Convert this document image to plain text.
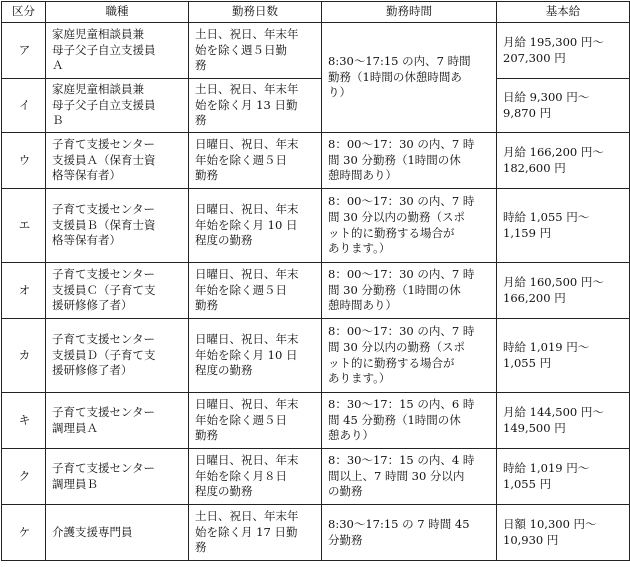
区分	職種	勤務日数	勤務時間	基本給

ア	家庭児童相談員兼
母子父子自立支援員
Ａ	土日、祝日、年末年
始を除く週５日勤
務	8:30〜17:15 の内、7 時間
勤務（1時間の休憩時間あ
り）	月給 195,300 円〜
207,300 円

イ	家庭児童相談員兼
母子父子自立支援員
Ｂ	土日、祝日、年末年
始を除く月 13 日勤
務		日給 9,300 円〜
9,870 円

ウ	子育て支援センター
支援員Ａ（保育士資
格等保有者）	日曜日、祝日、年末
年始を除く週５日
勤務	8：00〜17：30 の内、7 時
間 30 分勤務（1時間の休
憩時間あり）	月給 166,200 円〜
182,600 円

エ	子育て支援センター
支援員Ｂ（保育士資
格等保有者）	日曜日、祝日、年末
年始を除く月 10 日
程度の勤務	8：00〜17：30 の内、7 時
間 30 分以内の勤務（スポ
ット的に勤務する場合が
あります。）	時給 1,055 円〜
1,159 円

オ	子育て支援センター
支援員Ｃ（子育て支
援研修修了者）	日曜日、祝日、年末
年始を除く週５日
勤務	8：00〜17：30 の内、7 時
間 30 分勤務（1時間の休
憩時間あり）	月給 160,500 円〜
166,200 円

カ	子育て支援センター
支援員Ｄ（子育て支
援研修修了者）	日曜日、祝日、年末
年始を除く月 10 日
程度の勤務	8：00〜17：30 の内、7 時
間 30 分以内の勤務（スポ
ット的に勤務する場合が
あります。）	時給 1,019 円〜
1,055 円

キ	子育て支援センター
調理員Ａ	日曜日、祝日、年末
年始を除く週５日
勤務	8：30〜17：15 の内、6 時
間 45 分勤務（1時間の休
憩あり）	月給 144,500 円〜
149,500 円

ク	子育て支援センター
調理員Ｂ	日曜日、祝日、年末
年始を除く月８日
程度の勤務	8：30〜17：15 の内、4 時
間以上、7 時間 30 分以内
の勤務	時給 1,019 円〜
1,055 円

ケ	介護支援専門員	土日、祝日、年末年
始を除く月 17 日勤
務	8:30〜17:15 の 7 時間 45
分勤務	日額 10,300 円〜
10,930 円
